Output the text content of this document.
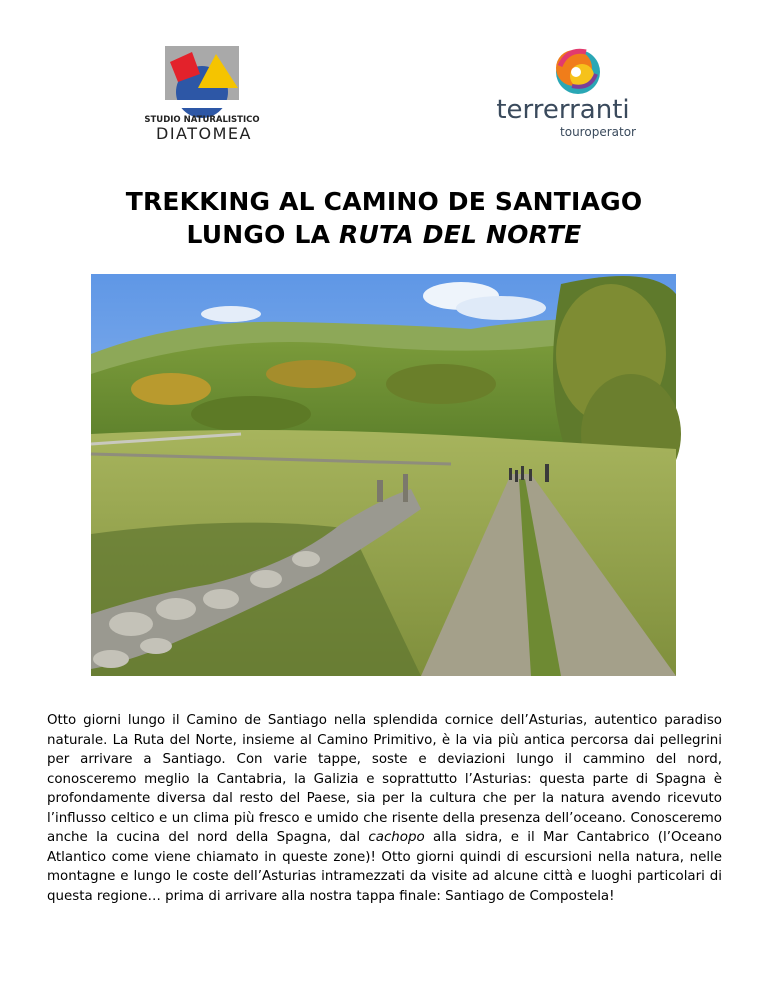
STUDIO NATURALISTICO
DIATOMEA
terrerranti
touroperator
TREKKING AL CAMINO DE SANTIAGO
LUNGO LA RUTA DEL NORTE
Otto giorni lungo il Camino de Santiago nella splendida cornice dell’Asturias, autentico paradiso naturale. La Ruta del Norte, insieme al Camino Primitivo, è la via più antica percorsa dai pellegrini per arrivare a Santiago. Con varie tappe, soste e deviazioni lungo il cammino del nord, conosceremo meglio la Cantabria, la Galizia e soprattutto l’Asturias: questa parte di Spagna è profondamente diversa dal resto del Paese, sia per la cultura che per la natura avendo ricevuto l’influsso celtico e un clima più fresco e umido che risente della presenza dell’oceano. Conosceremo anche la cucina del nord della Spagna, dal cachopo alla sidra, e il Mar Cantabrico (l’Oceano Atlantico come viene chiamato in queste zone)! Otto giorni quindi di escursioni nella natura, nelle montagne e lungo le coste dell’Asturias intramezzati da visite ad alcune città e luoghi particolari di questa regione… prima di arrivare alla nostra tappa finale: Santiago de Compostela!
